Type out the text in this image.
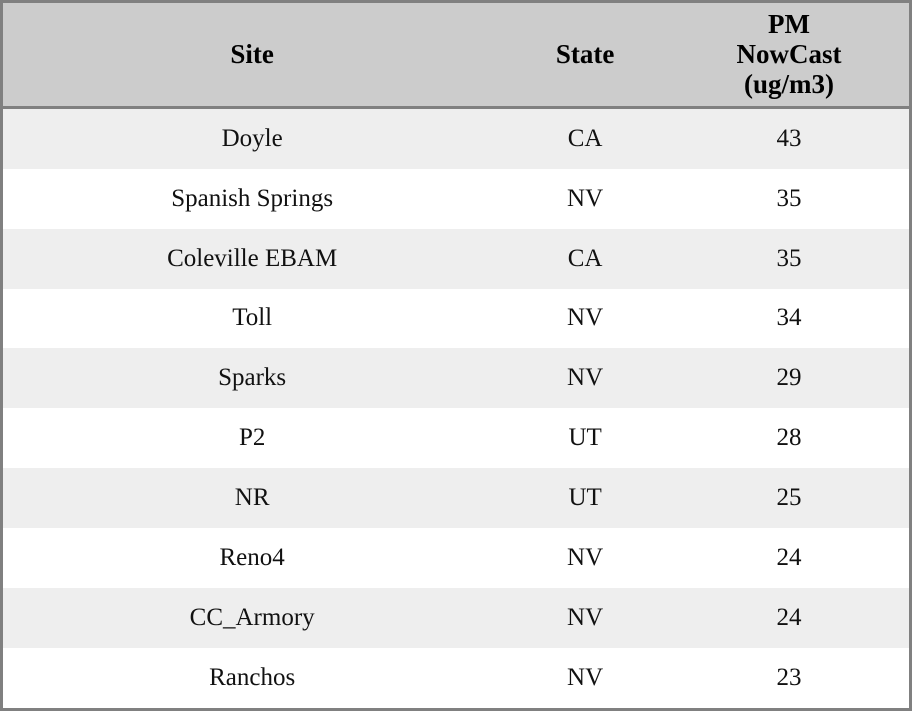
Site	State	PM
NowCast
(ug/m3)
Doyle	CA	43
Spanish Springs	NV	35
Coleville EBAM	CA	35
Toll	NV	34
Sparks	NV	29
P2	UT	28
NR	UT	25
Reno4	NV	24
CC_Armory	NV	24
Ranchos	NV	23
